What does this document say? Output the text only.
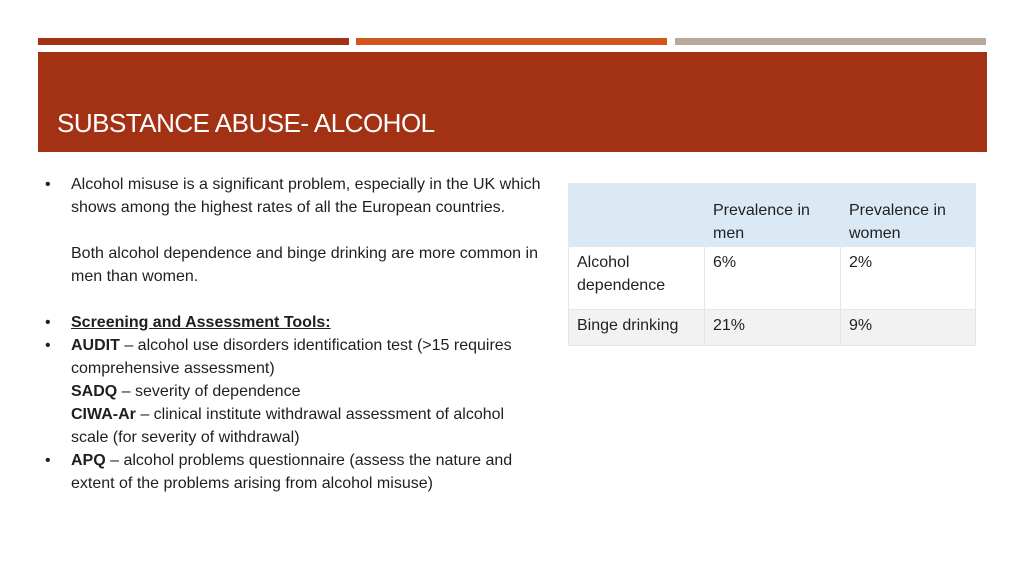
SUBSTANCE ABUSE- ALCOHOL
•	Alcohol misuse is a significant problem, especially in the UK which shows among the highest rates of all the European countries.
Both alcohol dependence and binge drinking are more common in men than women.
•	Screening and Assessment Tools:
•	AUDIT – alcohol use disorders identification test (>15 requires comprehensive assessment)
SADQ – severity of dependence
CIWA-Ar – clinical institute withdrawal assessment of alcohol scale (for severity of withdrawal)
•	APQ – alcohol problems questionnaire (assess the nature and extent of the problems arising from alcohol misuse)
	Prevalence in men	Prevalence in women
Alcohol dependence	6%	2%
Binge drinking	21%	9%
